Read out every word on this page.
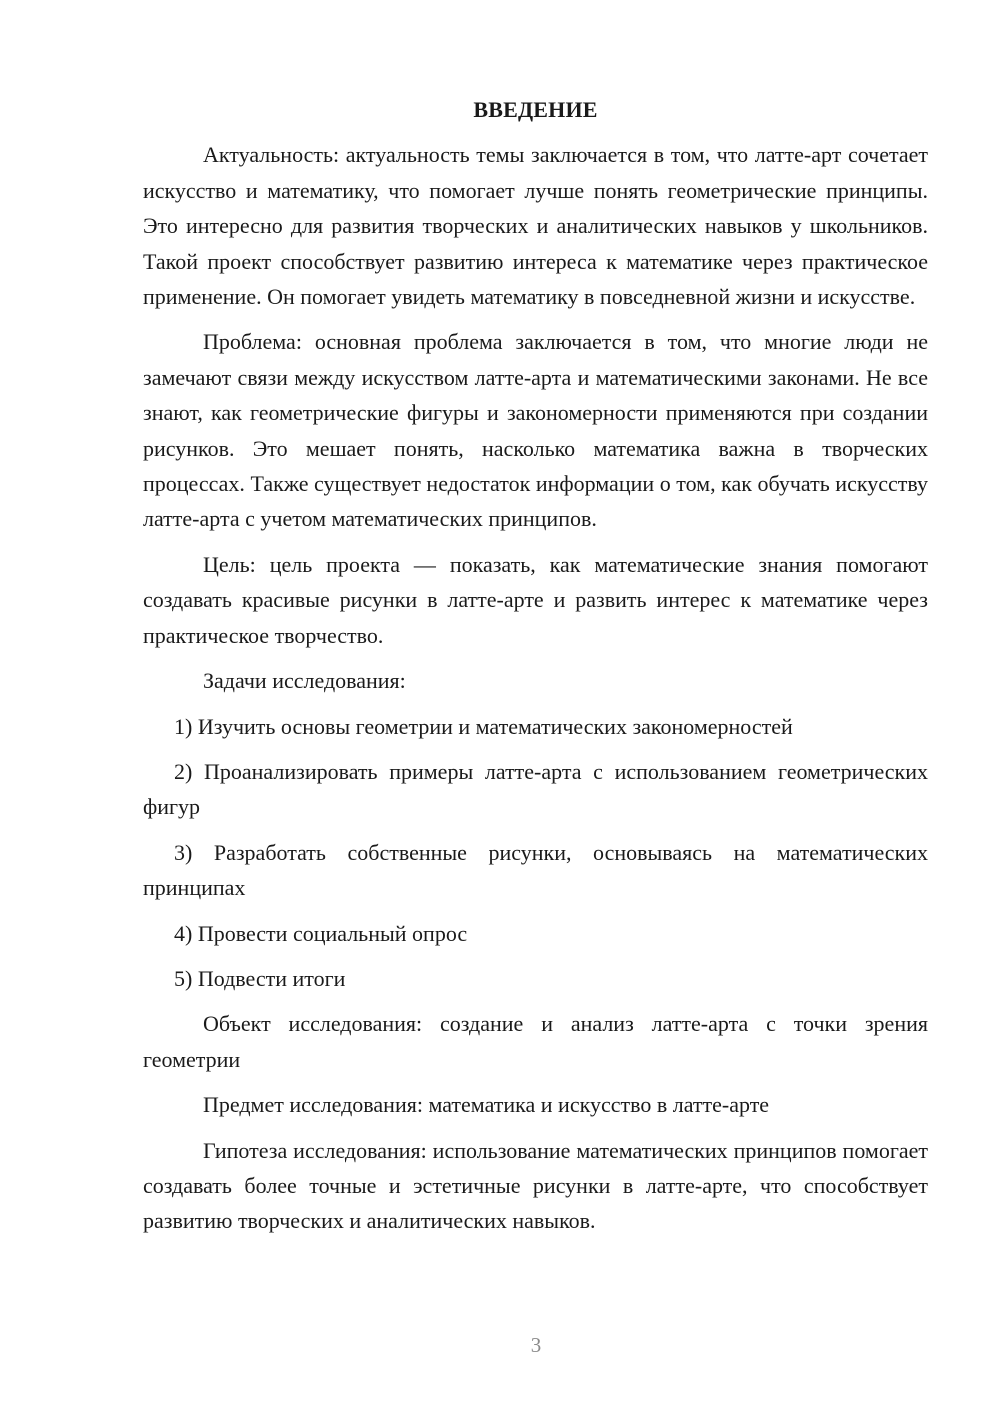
ВВЕДЕНИЕ

Актуальность: актуальность темы заключается в том, что латте-арт сочетает искусство и математику, что помогает лучше понять геометрические принципы. Это интересно для развития творческих и аналитических навыков у школьников. Такой проект способствует развитию интереса к математике через практическое применение. Он помогает увидеть математику в повседневной жизни и искусстве.

Проблема: основная проблема заключается в том, что многие люди не замечают связи между искусством латте-арта и математическими законами. Не все знают, как геометрические фигуры и закономерности применяются при создании рисунков. Это мешает понять, насколько математика важна в творческих процессах. Также существует недостаток информации о том, как обучать искусству латте-арта с учетом математических принципов.

Цель: цель проекта — показать, как математические знания помогают создавать красивые рисунки в латте-арте и развить интерес к математике через практическое творчество.

Задачи исследования:

1) Изучить основы геометрии и математических закономерностей

2) Проанализировать примеры латте-арта с использованием геометрических фигур

3) Разработать собственные рисунки, основываясь на математических принципах

4) Провести социальный опрос

5) Подвести итоги

Объект исследования: создание и анализ латте-арта с точки зрения геометрии

Предмет исследования: математика и искусство в латте-арте

Гипотеза исследования: использование математических принципов помогает создавать более точные и эстетичные рисунки в латте-арте, что способствует развитию творческих и аналитических навыков.

3
